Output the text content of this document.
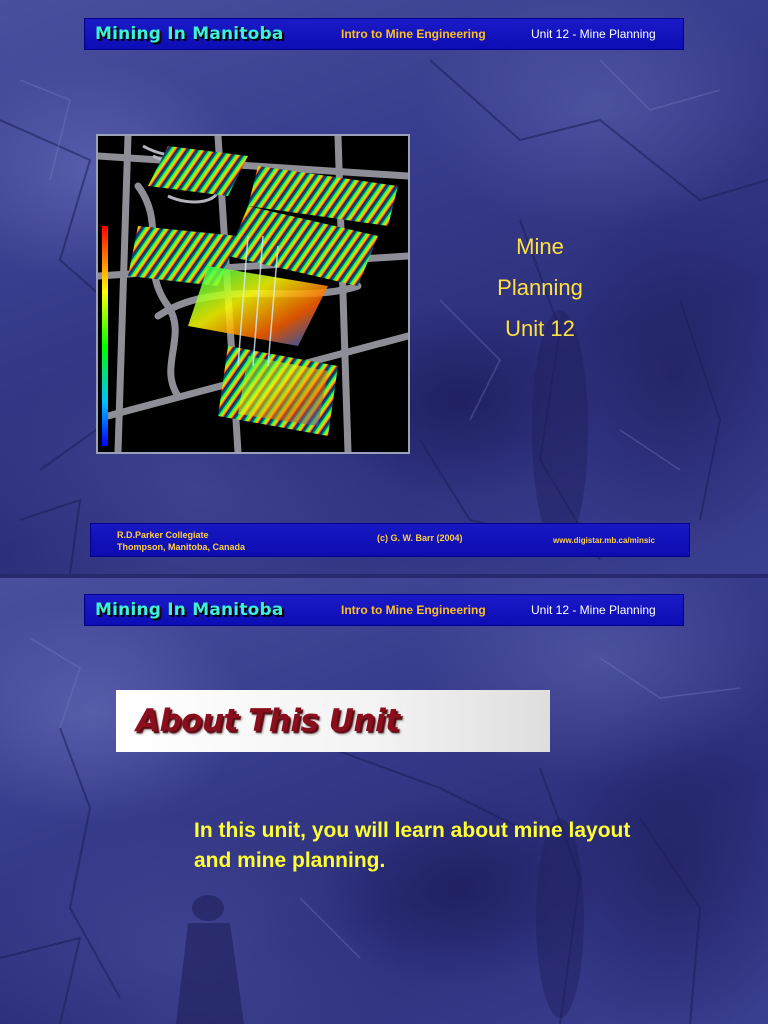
Mining In Manitoba	Intro to Mine Engineering	Unit 12 - Mine Planning
Mine
Planning
Unit 12
R.D.Parker Collegiate
Thompson, Manitoba, Canada
(c) G. W. Barr (2004)	www.digistar.mb.ca/minsic
Mining In Manitoba	Intro to Mine Engineering	Unit 12 - Mine Planning
About This Unit
In this unit, you will learn about mine layout and mine planning.
